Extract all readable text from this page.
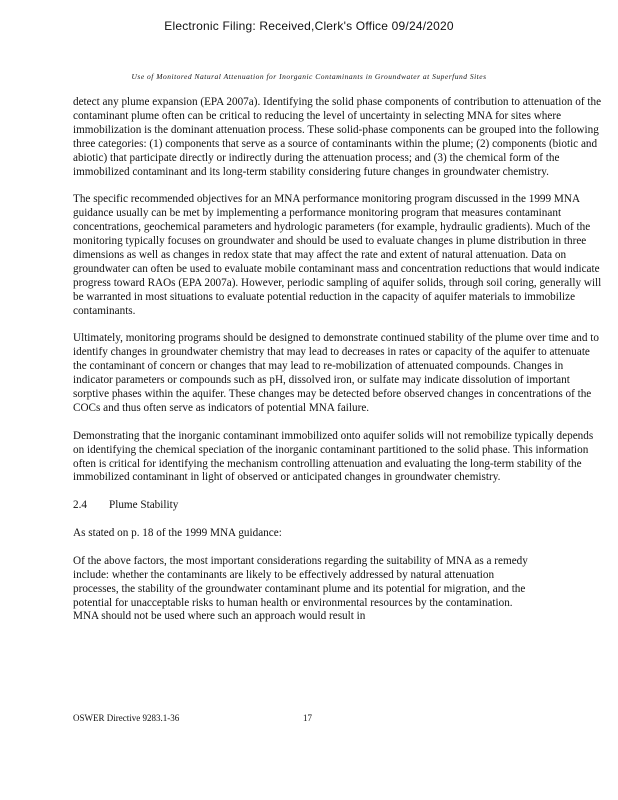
Electronic Filing: Received,Clerk's Office 09/24/2020
Use of Monitored Natural Attenuation for Inorganic Contaminants in Groundwater at Superfund Sites

detect any plume expansion (EPA 2007a). Identifying the solid phase components of contribution to attenuation of the contaminant plume often can be critical to reducing the level of uncertainty in selecting MNA for sites where immobilization is the dominant attenuation process. These solid-phase components can be grouped into the following three categories: (1) components that serve as a source of contaminants within the plume; (2) components (biotic and abiotic) that participate directly or indirectly during the attenuation process; and (3) the chemical form of the immobilized contaminant and its long-term stability considering future changes in groundwater chemistry.

The specific recommended objectives for an MNA performance monitoring program discussed in the 1999 MNA guidance usually can be met by implementing a performance monitoring program that measures contaminant concentrations, geochemical parameters and hydrologic parameters (for example, hydraulic gradients). Much of the monitoring typically focuses on groundwater and should be used to evaluate changes in plume distribution in three dimensions as well as changes in redox state that may affect the rate and extent of natural attenuation. Data on groundwater can often be used to evaluate mobile contaminant mass and concentration reductions that would indicate progress toward RAOs (EPA 2007a). However, periodic sampling of aquifer solids, through soil coring, generally will be warranted in most situations to evaluate potential reduction in the capacity of aquifer materials to immobilize contaminants.

Ultimately, monitoring programs should be designed to demonstrate continued stability of the plume over time and to identify changes in groundwater chemistry that may lead to decreases in rates or capacity of the aquifer to attenuate the contaminant of concern or changes that may lead to re-mobilization of attenuated compounds. Changes in indicator parameters or compounds such as pH, dissolved iron, or sulfate may indicate dissolution of important sorptive phases within the aquifer. These changes may be detected before observed changes in concentrations of the COCs and thus often serve as indicators of potential MNA failure.

Demonstrating that the inorganic contaminant immobilized onto aquifer solids will not remobilize typically depends on identifying the chemical speciation of the inorganic contaminant partitioned to the solid phase. This information often is critical for identifying the mechanism controlling attenuation and evaluating the long-term stability of the immobilized contaminant in light of observed or anticipated changes in groundwater chemistry.

2.4 Plume Stability

As stated on p. 18 of the 1999 MNA guidance:

Of the above factors, the most important considerations regarding the suitability of MNA as a remedy include: whether the contaminants are likely to be effectively addressed by natural attenuation processes, the stability of the groundwater contaminant plume and its potential for migration, and the potential for unacceptable risks to human health or environmental resources by the contamination. MNA should not be used where such an approach would result in

OSWER Directive 9283.1-36	17
